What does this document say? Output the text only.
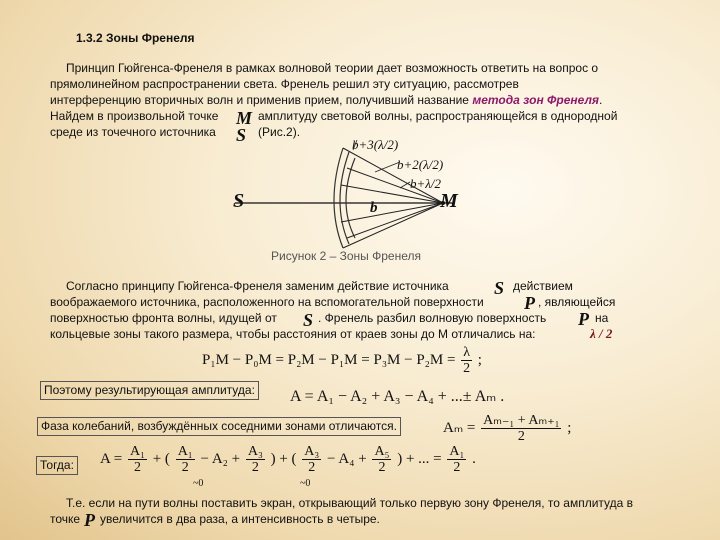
1.3.2 Зоны Френеля
Принцип Гюйгенса-Френеля в рамках волновой теории дает возможность ответить на вопрос о
прямолинейном распространении света. Френель решил эту ситуацию, рассмотрев
интерференцию вторичных волн и применив прием, получивший название метода зон Френеля.
Найдем в произвольной точке M амплитуду световой волны, распространяющейся в однородной
среде из точечного источника S (Рис.2).
S	M
b
b+3(λ/2)
b+2(λ/2)
b+λ/2
Рисунок 2 – Зоны Френеля
Согласно принципу Гюйгенса-Френеля заменим действие источника	S действием
воображаемого источника, расположенного на вспомогательной поверхности P , являющейся
поверхностью фронта волны, идущей от S . Френель разбил волновую поверхность P на
кольцевые зоны такого размера, чтобы расстояния от краев зоны до М отличались на:	λ / 2
$P_1M - P_0M = P_2M - P_1M = P_3M - P_2M = \frac{\lambda}{2}$ ;
Поэтому результирующая амплитуда: A = A₁ − A₂ + A₃ − A₄ + ...± Aₘ .
Фаза колебаний, возбуждённых соседними зонами отличаются.	$A_m = \frac{\text{Aₘ₋₁ + Aₘ₊₁}}{2}$ ;
Тогда: $A = \frac{\text{A₁}}{2}$ + ( $\frac{\text{A₁}}{2} - A_2 + \frac{\text{A₃}}{2}$ ) + ( $\frac{\text{A₃}}{2} - A_4 + \frac{\text{A₅}}{2}$ ) + ... = $\frac{\text{A₁}}{2}$ .
~0	~0
Т.е. если на пути волны поставить экран, открывающий только первую зону Френеля, то амплитуда в
точке P увеличится в два раза, а интенсивность в четыре.
